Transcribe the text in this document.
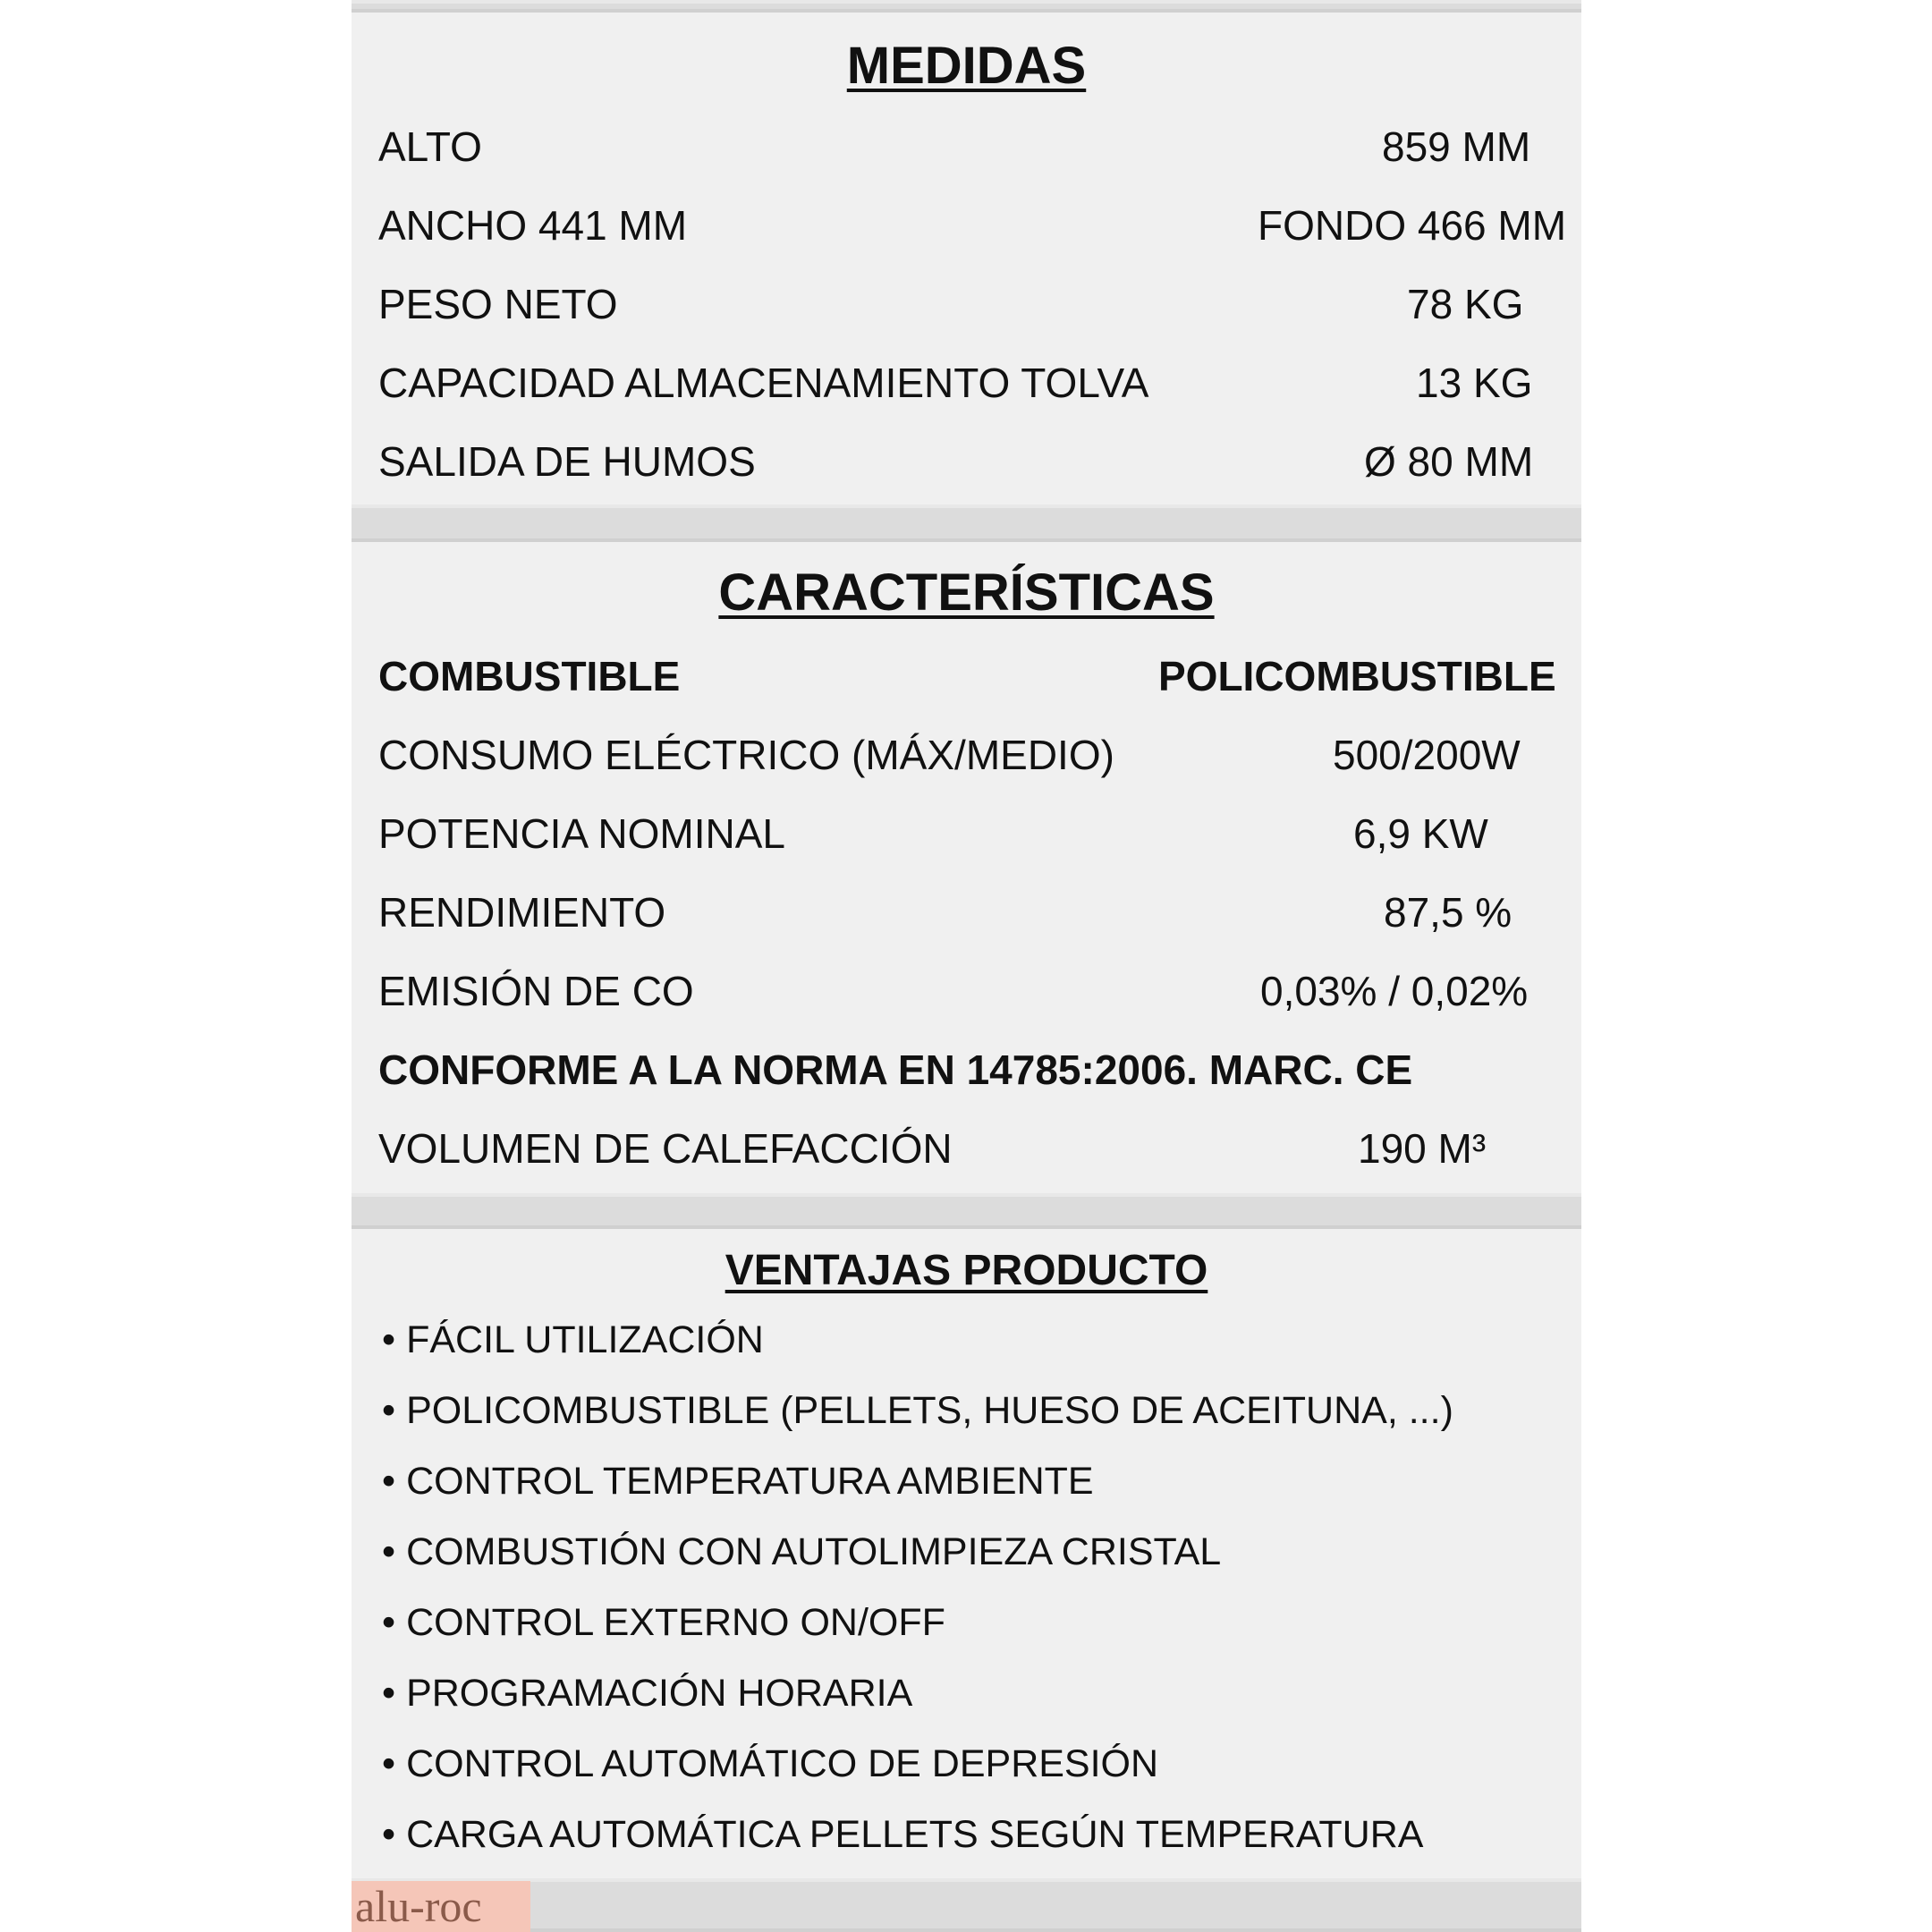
MEDIDAS
ALTO	859 MM
ANCHO 441 MM	FONDO 466 MM
PESO NETO	78 KG
CAPACIDAD ALMACENAMIENTO TOLVA	13 KG
SALIDA DE HUMOS	Ø 80 MM
CARACTERÍSTICAS
COMBUSTIBLE	POLICOMBUSTIBLE
CONSUMO ELÉCTRICO (MÁX/MEDIO)	500/200W
POTENCIA NOMINAL	6,9 KW
RENDIMIENTO	87,5 %
EMISIÓN DE CO	0,03% / 0,02%
CONFORME A LA NORMA EN 14785:2006. MARC. CE
VOLUMEN DE CALEFACCIÓN	190 M³
VENTAJAS PRODUCTO
• FÁCIL UTILIZACIÓN
• POLICOMBUSTIBLE (PELLETS, HUESO DE ACEITUNA, ...)
• CONTROL TEMPERATURA AMBIENTE
• COMBUSTIÓN CON AUTOLIMPIEZA CRISTAL
• CONTROL EXTERNO ON/OFF
• PROGRAMACIÓN HORARIA
• CONTROL AUTOMÁTICO DE DEPRESIÓN
• CARGA AUTOMÁTICA PELLETS SEGÚN TEMPERATURA
alu-roc
